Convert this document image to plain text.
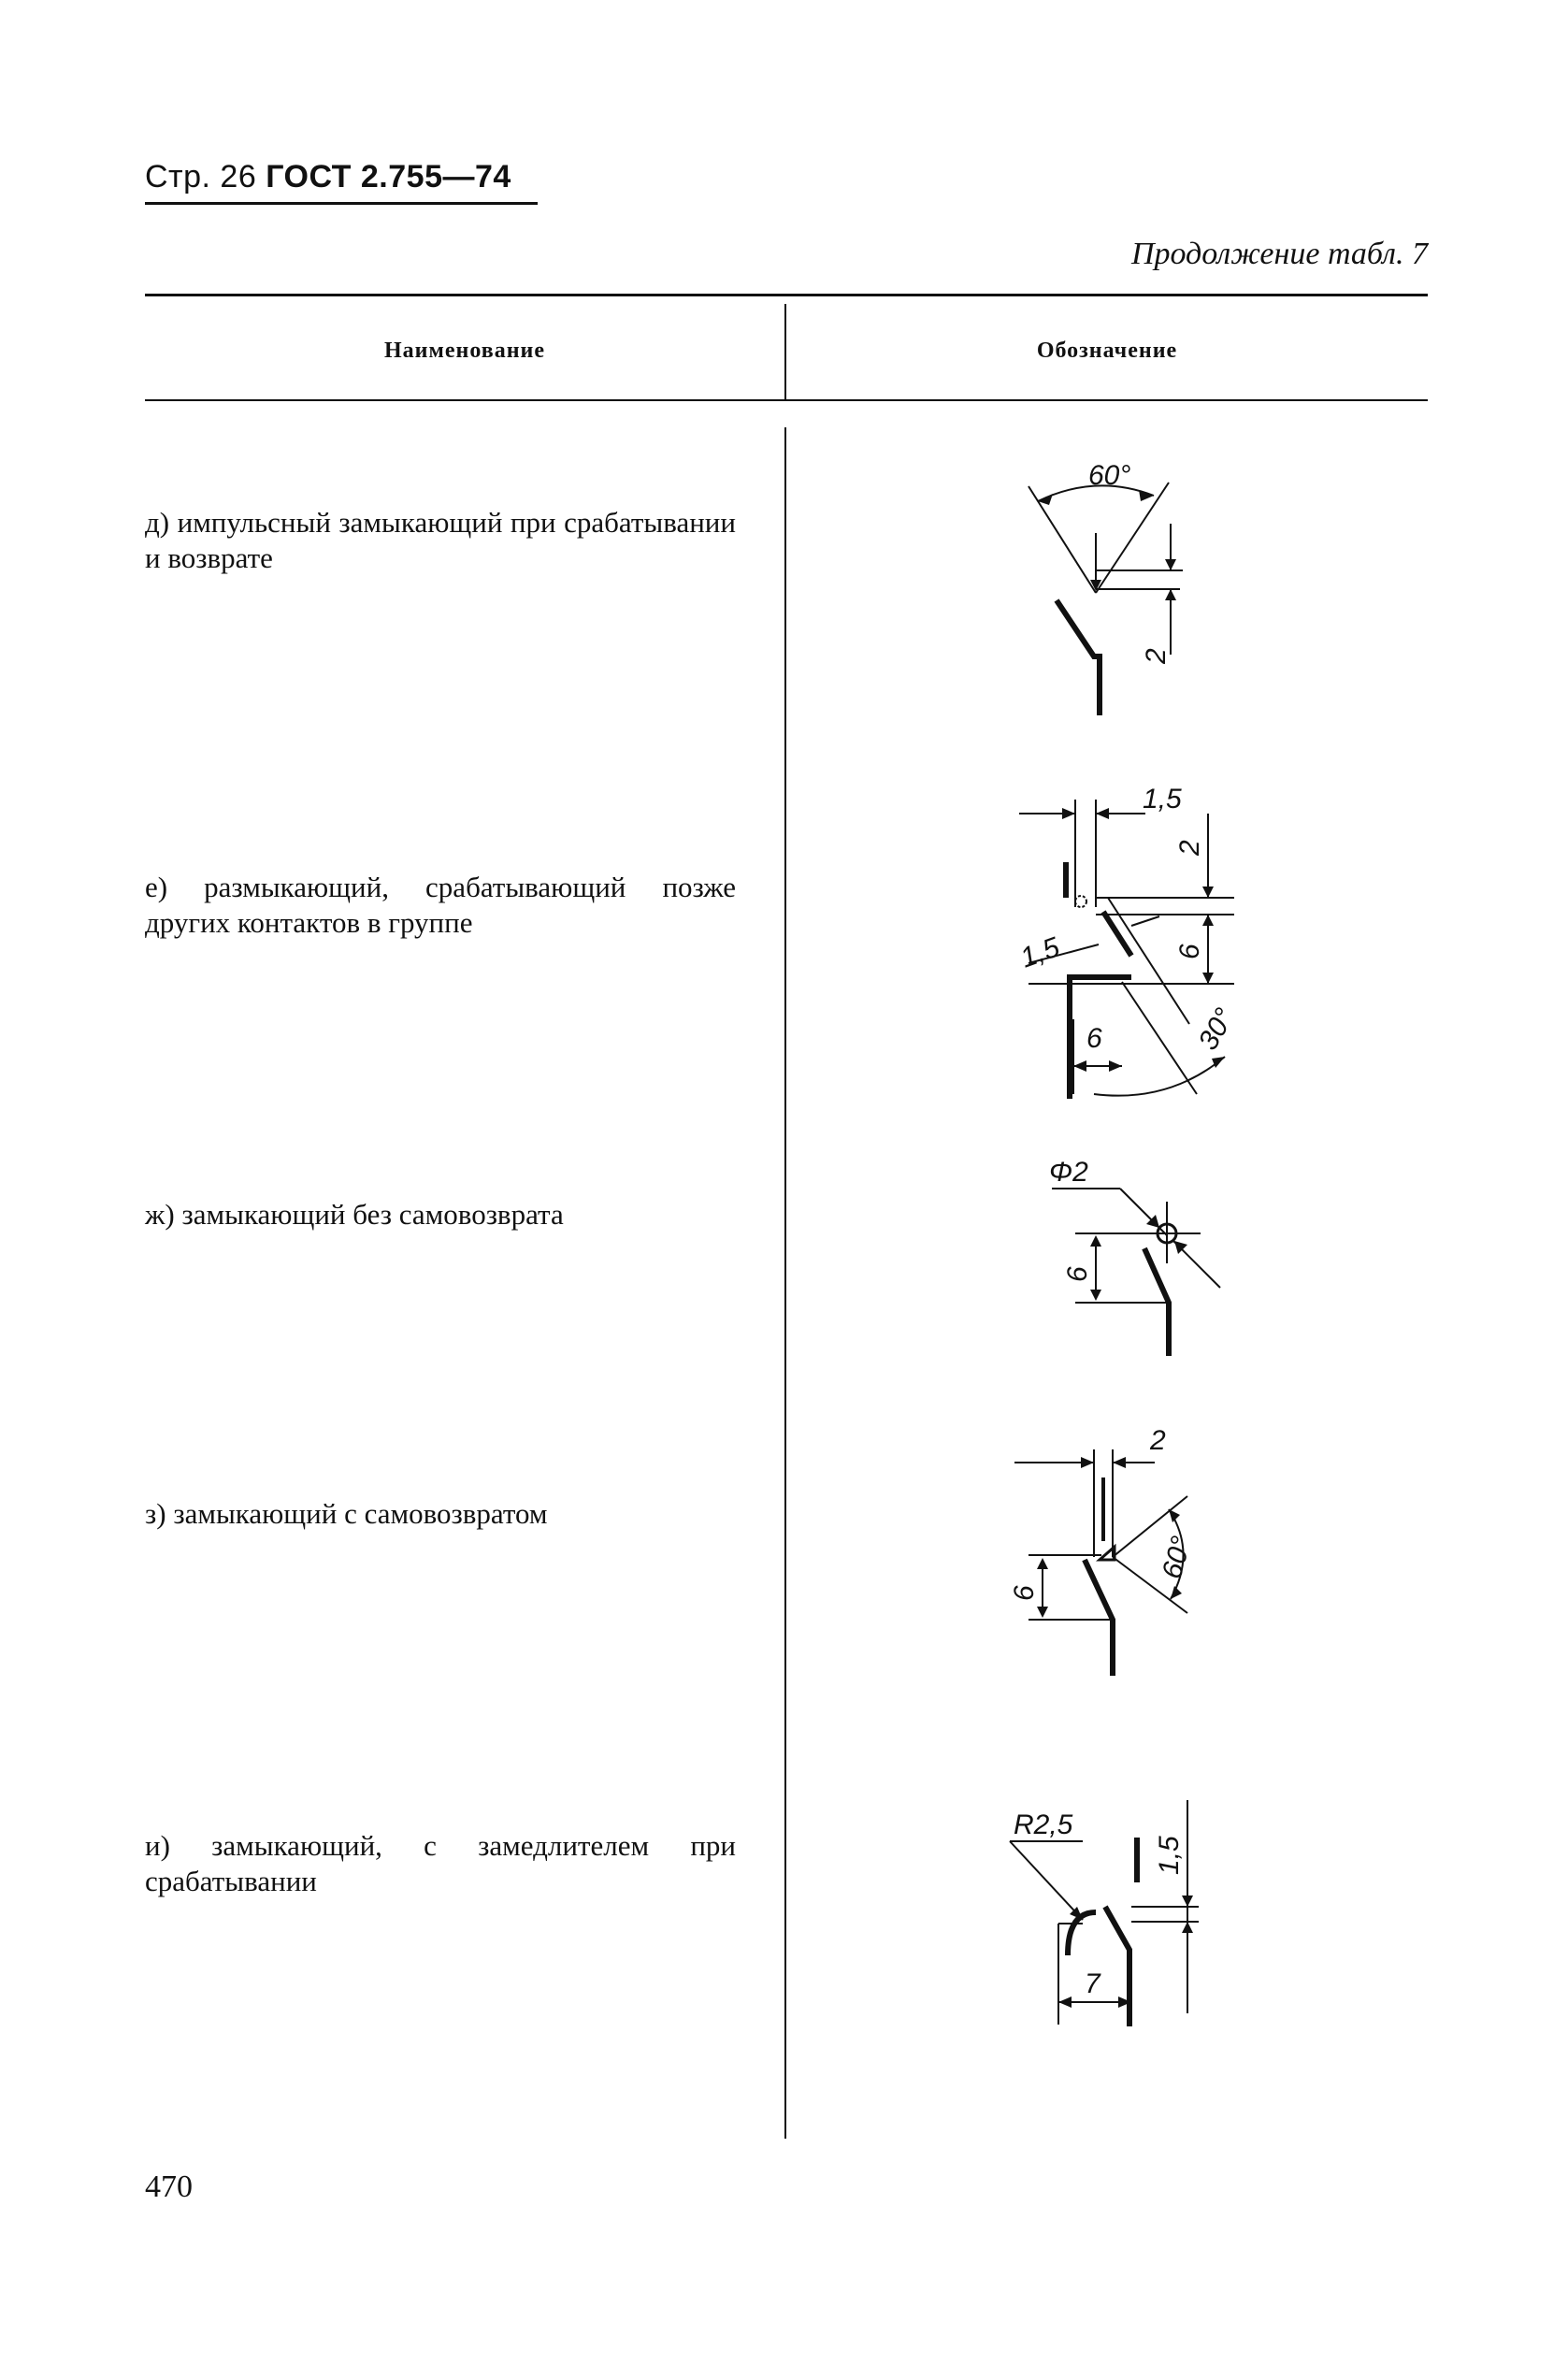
Стр. 26 ГОСТ 2.755—74
Продолжение табл. 7
Наименование	Обозначение
д) импульсный замыкающий при срабатывании и возврате
60°
2
е) размыкающий, срабатывающий позже других контактов в группе
1,5
2
6
1,5
6	30°
ж) замыкающий без самовозврата
Φ2
6
з) замыкающий с самовозвратом
2
60°
6
и) замыкающий, с замедлителем при срабатывании
R2,5
1,5
7
470
